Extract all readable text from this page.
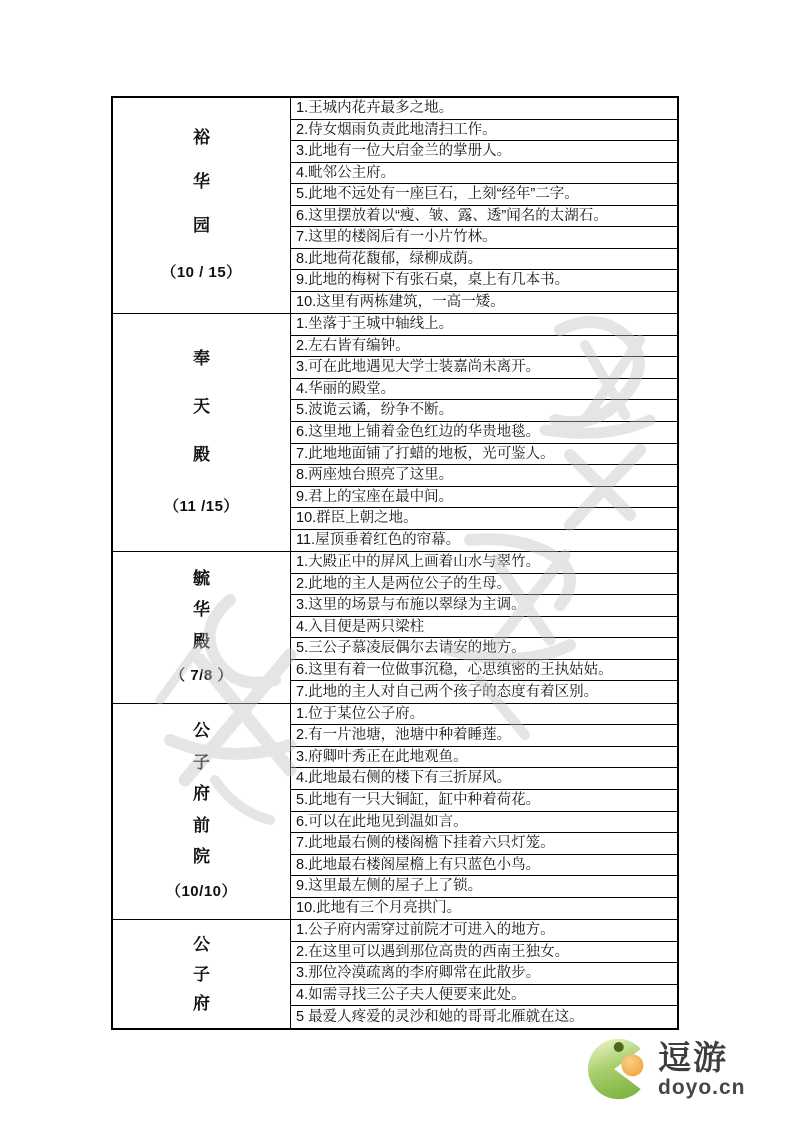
裕
华
园
（10 / 15）
1.王城内花卉最多之地。
2.侍女烟雨负责此地清扫工作。
3.此地有一位大启金兰的掌册人。
4.毗邻公主府。
5.此地不远处有一座巨石，上刻“经年”二字。
6.这里摆放着以“瘦、皱、露、透”闻名的太湖石。
7.这里的楼阁后有一小片竹林。
8.此地荷花馥郁，绿柳成荫。
9.此地的梅树下有张石桌，桌上有几本书。
10.这里有两栋建筑，一高一矮。
奉
天
殿
（11 /15）
1.坐落于王城中轴线上。
2.左右皆有编钟。
3.可在此地遇见大学士装嘉尚未离开。
4.华丽的殿堂。
5.波诡云谲，纷争不断。
6.这里地上铺着金色红边的华贵地毯。
7.此地地面铺了打蜡的地板，光可鉴人。
8.两座烛台照亮了这里。
9.君上的宝座在最中间。
10.群臣上朝之地。
11.屋顶垂着红色的帘幕。
毓
华
殿
（ 7/8 ）
1.大殿正中的屏风上画着山水与翠竹。
2.此地的主人是两位公子的生母。
3.这里的场景与布施以翠绿为主调。
4.入目便是两只梁柱
5.三公子慕凌辰偶尔去请安的地方。
6.这里有着一位做事沉稳，心思缜密的王执姑姑。
7.此地的主人对自己两个孩子的态度有着区别。
公
子
府
前
院
（10/10）
1.位于某位公子府。
2.有一片池塘，池塘中种着睡莲。
3.府卿叶秀正在此地观鱼。
4.此地最右侧的楼下有三折屏风。
5.此地有一只大铜缸，缸中种着荷花。
6.可以在此地见到温如言。
7.此地最右侧的楼阁檐下挂着六只灯笼。
8.此地最右楼阁屋檐上有只蓝色小鸟。
9.这里最左侧的屋子上了锁。
10.此地有三个月亮拱门。
公
子
府
1.公子府内需穿过前院才可进入的地方。
2.在这里可以遇到那位高贵的西南王独女。
3.那位冷漠疏离的李府卿常在此散步。
4.如需寻找三公子夫人便要来此处。
5 最爱人疼爱的灵沙和她的哥哥北雁就在这。
逗游
doyo.cn
